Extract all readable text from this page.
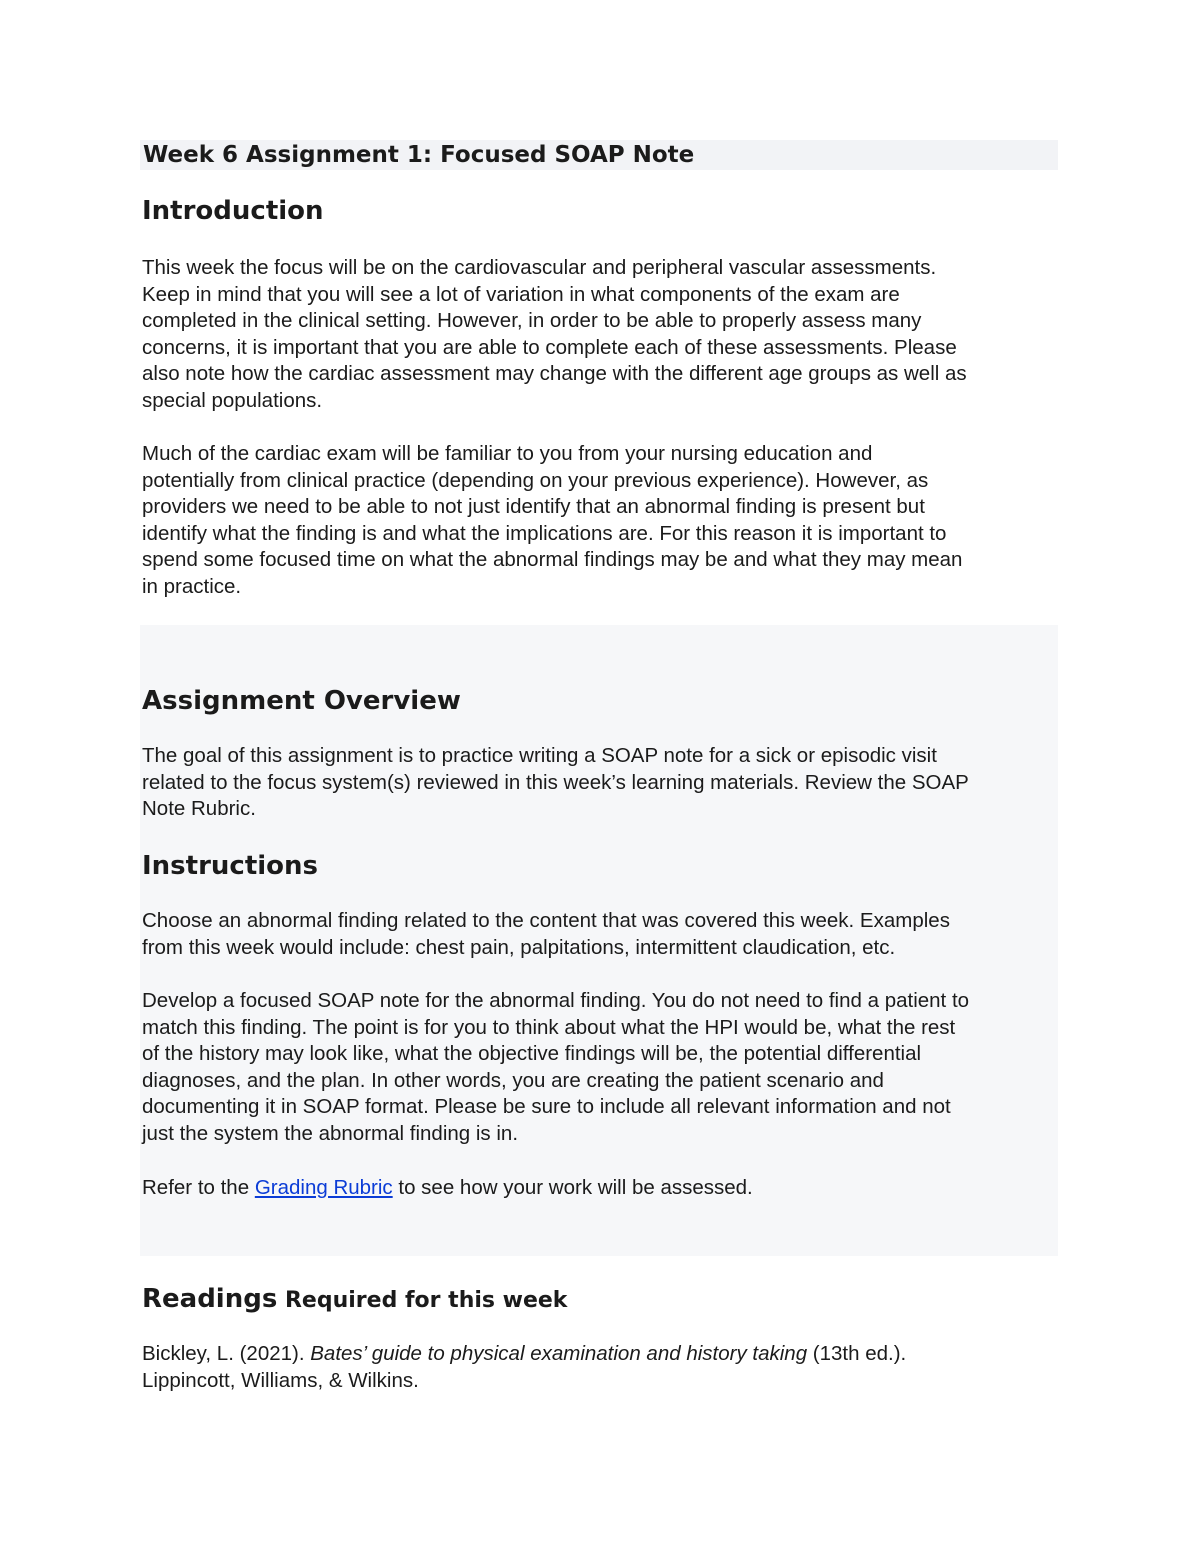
Week 6 Assignment 1: Focused SOAP Note
Introduction

This week the focus will be on the cardiovascular and peripheral vascular assessments.
Keep in mind that you will see a lot of variation in what components of the exam are
completed in the clinical setting. However, in order to be able to properly assess many
concerns, it is important that you are able to complete each of these assessments. Please
also note how the cardiac assessment may change with the different age groups as well as
special populations.

Much of the cardiac exam will be familiar to you from your nursing education and
potentially from clinical practice (depending on your previous experience). However, as
providers we need to be able to not just identify that an abnormal finding is present but
identify what the finding is and what the implications are. For this reason it is important to
spend some focused time on what the abnormal findings may be and what they may mean
in practice.

Assignment Overview

The goal of this assignment is to practice writing a SOAP note for a sick or episodic visit
related to the focus system(s) reviewed in this week’s learning materials. Review the SOAP
Note Rubric.

Instructions

Choose an abnormal finding related to the content that was covered this week. Examples
from this week would include: chest pain, palpitations, intermittent claudication, etc.

Develop a focused SOAP note for the abnormal finding. You do not need to find a patient to
match this finding. The point is for you to think about what the HPI would be, what the rest
of the history may look like, what the objective findings will be, the potential differential
diagnoses, and the plan. In other words, you are creating the patient scenario and
documenting it in SOAP format. Please be sure to include all relevant information and not
just the system the abnormal finding is in.

Refer to the Grading Rubric to see how your work will be assessed.

Readings Required for this week

Bickley, L. (2021). Bates’ guide to physical examination and history taking (13th ed.).
Lippincott, Williams, & Wilkins.
